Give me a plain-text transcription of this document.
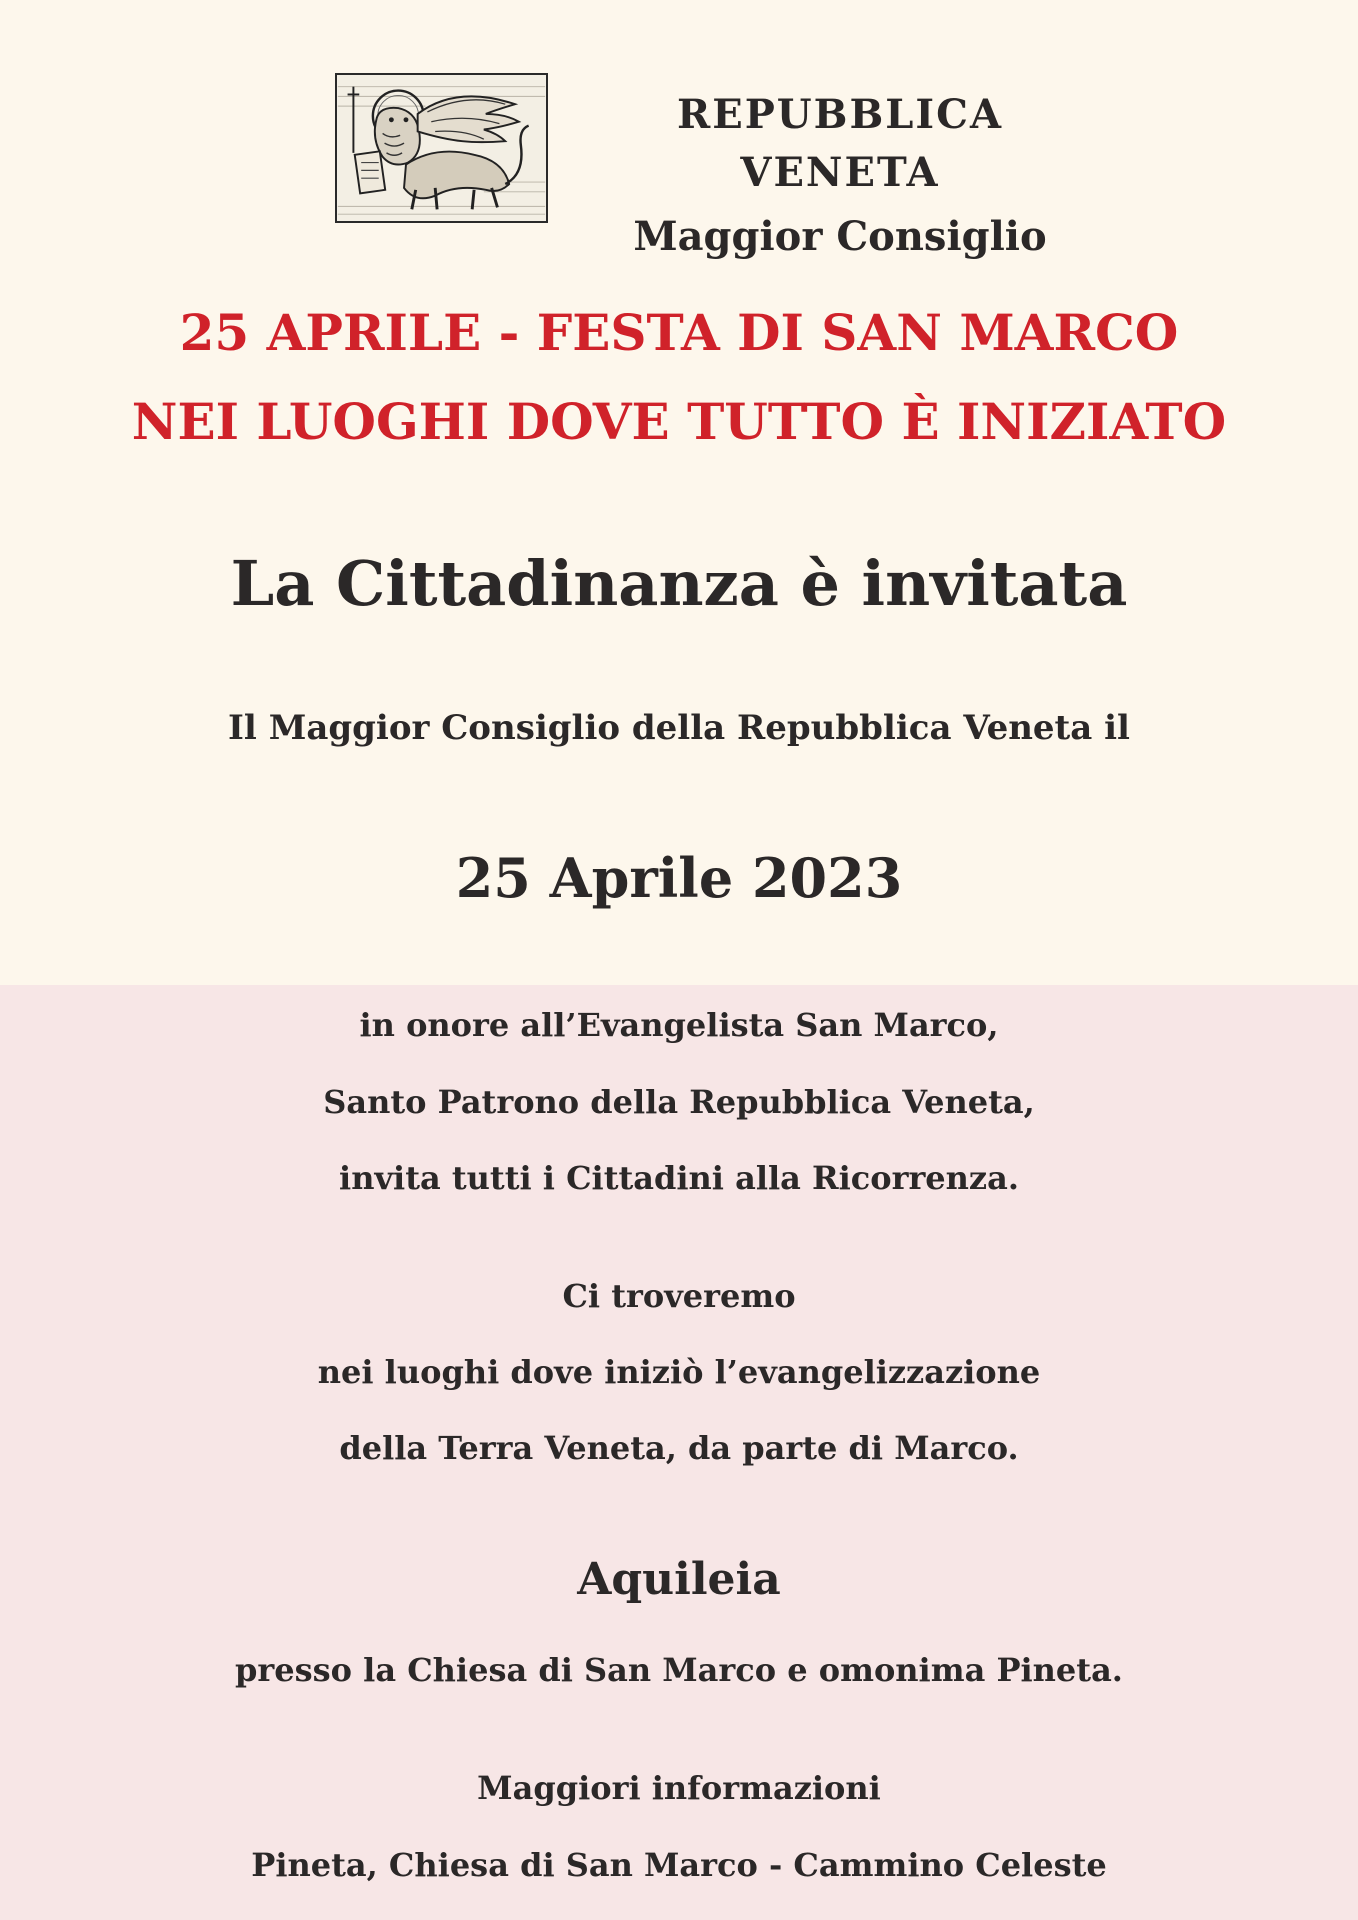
REPUBBLICA VENETA
Maggior Consiglio
25 APRILE - FESTA DI SAN MARCO
NEI LUOGHI DOVE TUTTO È INIZIATO
La Cittadinanza è invitata
Il Maggior Consiglio della Repubblica Veneta il
25 Aprile 2023
in onore all’Evangelista San Marco,
Santo Patrono della Repubblica Veneta,
invita tutti i Cittadini alla Ricorrenza.
Ci troveremo
nei luoghi dove iniziò l’evangelizzazione
della Terra Veneta, da parte di Marco.
Aquileia
presso la Chiesa di San Marco e omonima Pineta.
Maggiori informazioni
Pineta, Chiesa di San Marco - Cammino Celeste
